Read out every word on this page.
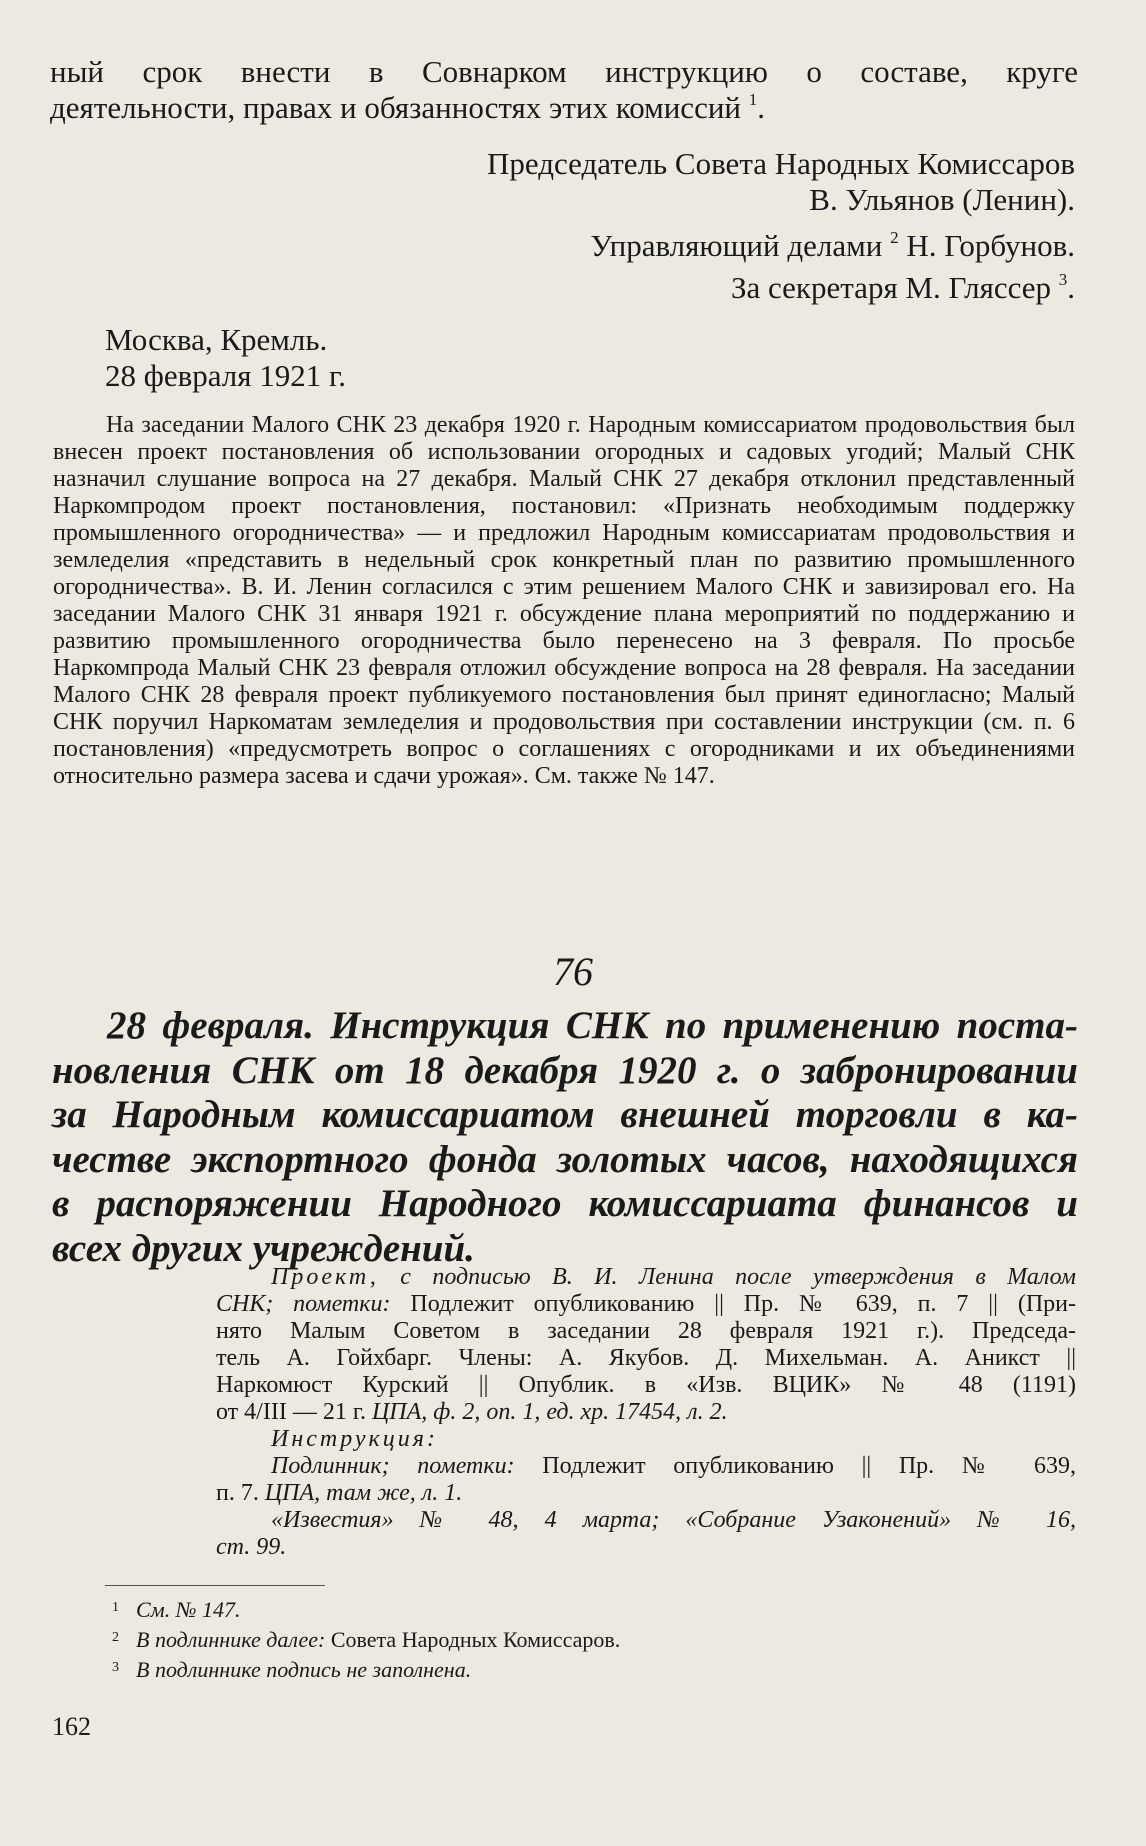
ный срок внести в Совнарком инструкцию о составе, круге
деятельности, правах и обязанностях этих комиссий $^1$.
Председатель Совета Народных Комиссаров
В. Ульянов (Ленин).
Управляющий делами $^2$ Н. Горбунов.
За секретаря М. Гляссер $^3$.
Москва, Кремль.
28 февраля 1921 г.

На заседании Малого СНК 23 декабря 1920 г. Народным комиссариатом продовольствия был внесен проект постановления об использовании огородных и садовых угодий; Малый СНК назначил слушание вопроса на 27 декабря. Малый СНК 27 декабря отклонил представленный Наркомпродом проект постановления, постановил: «Признать необходимым поддержку промышленного огородничества» — и предложил Народным комиссариатам продовольствия и земледелия «представить в недельный срок конкретный план по развитию промышленного огородничества». В. И. Ленин согласился с этим решением Малого СНК и завизировал его. На заседании Малого СНК 31 января 1921 г. обсуждение плана мероприятий по поддержанию и развитию промышленного огородничества было перенесено на 3 февраля. По просьбе Наркомпрода Малый СНК 23 февраля отложил обсуждение вопроса на 28 февраля. На заседании Малого СНК 28 февраля проект публикуемого постановления был принят единогласно; Малый СНК поручил Наркоматам земледелия и продовольствия при составлении инструкции (см. п. 6 постановления) «предусмотреть вопрос о соглашениях с огородниками и их объединениями относительно размера засева и сдачи урожая». См. также № 147.

76
28 февраля. Инструкция СНК по применению поста-
новления СНК от 18 декабря 1920 г. о забронировании
за Народным комиссариатом внешней торговли в ка-
честве экспортного фонда золотых часов, находящихся
в распоряжении Народного комиссариата финансов и
всех других учреждений.
Проект, с подписью В. И. Ленина после утверждения в Малом
СНК; пометки: Подлежит опубликованию || Пр. № 639, п. 7 || (При-
нято Малым Советом в заседании 28 февраля 1921 г.). Председа-
тель А. Гойхбарг. Члены: А. Якубов. Д. Михельман. А. Аникст ||
Наркомюст Курский || Опублик. в «Изв. ВЦИК» № 48 (1191)
от 4/III — 21 г. ЦПА, ф. 2, оп. 1, ед. хр. 17454, л. 2.
Инструкция:
Подлинник; пометки: Подлежит опубликованию || Пр. № 639,
п. 7. ЦПА, там же, л. 1.
«Известия» № 48, 4 марта; «Собрание Узаконений» № 16,
ст. 99.
1 См. № 147.
2 В подлиннике далее: Совета Народных Комиссаров.
3 В подлиннике подпись не заполнена.
162
